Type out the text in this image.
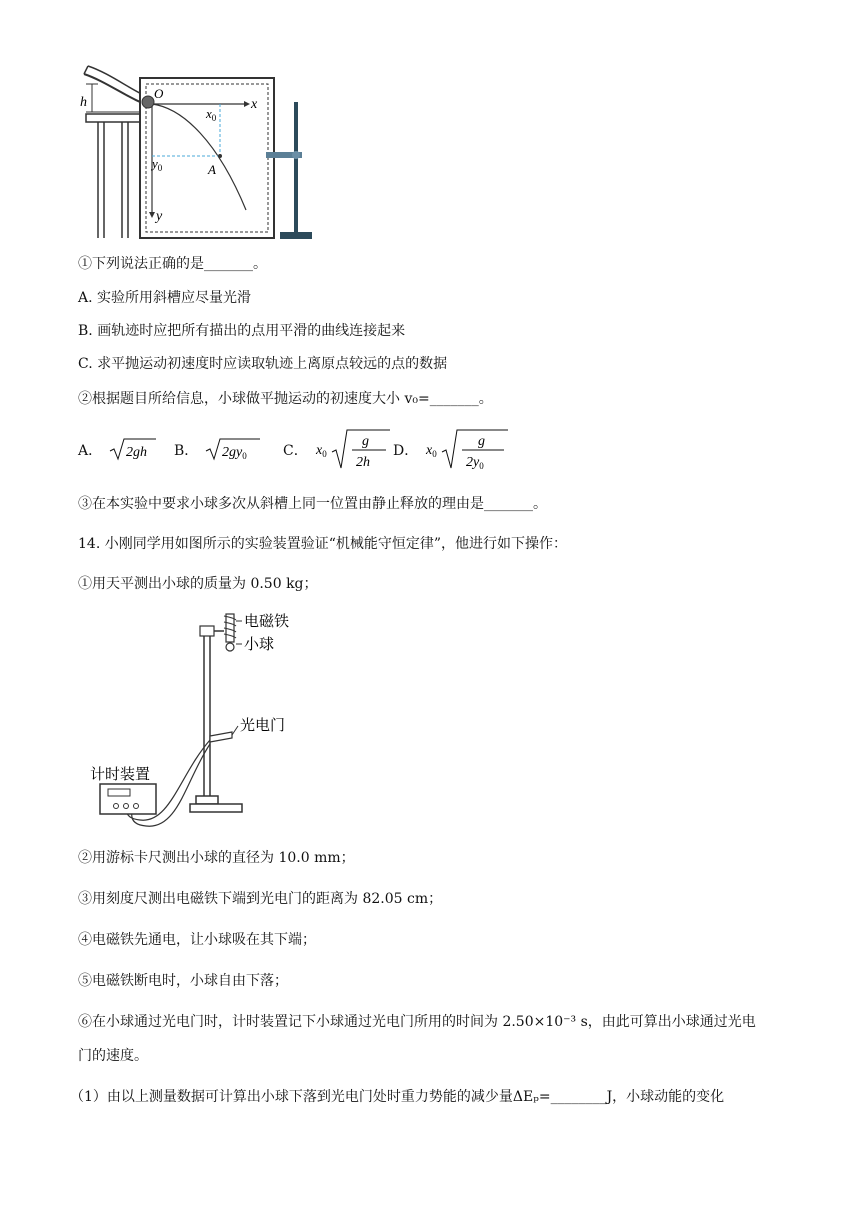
h
O
x
$x_0$
$y_0$	A
y
①下列说法正确的是_______。
A. 实验所用斜槽应尽量光滑
B. 画轨迹时应把所有描出的点用平滑的曲线连接起来
C. 求平抛运动初速度时应读取轨迹上离原点较远的点的数据
②根据题目所给信息，小球做平抛运动的初速度大小 v₀=_______。
A． 2gh B． $2gy_0$	C． $x_0$
g
2h
D． $x_0$
g
$2y_0$
③在本实验中要求小球多次从斜槽上同一位置由静止释放的理由是_______。
14. 小刚同学用如图所示的实验装置验证“机械能守恒定律”，他进行如下操作：
①用天平测出小球的质量为 0.50 kg；
电磁铁
小球
光电门
计时装置
②用游标卡尺测出小球的直径为 10.0 mm；
③用刻度尺测出电磁铁下端到光电门的距离为 82.05 cm；
④电磁铁先通电，让小球吸在其下端；
⑤电磁铁断电时，小球自由下落；
⑥在小球通过光电门时，计时装置记下小球通过光电门所用的时间为 2.50×10⁻³ s，由此可算出小球通过光电
门的速度。
（1）由以上测量数据可计算出小球下落到光电门处时重力势能的减少量ΔEₚ=________J，小球动能的变化
